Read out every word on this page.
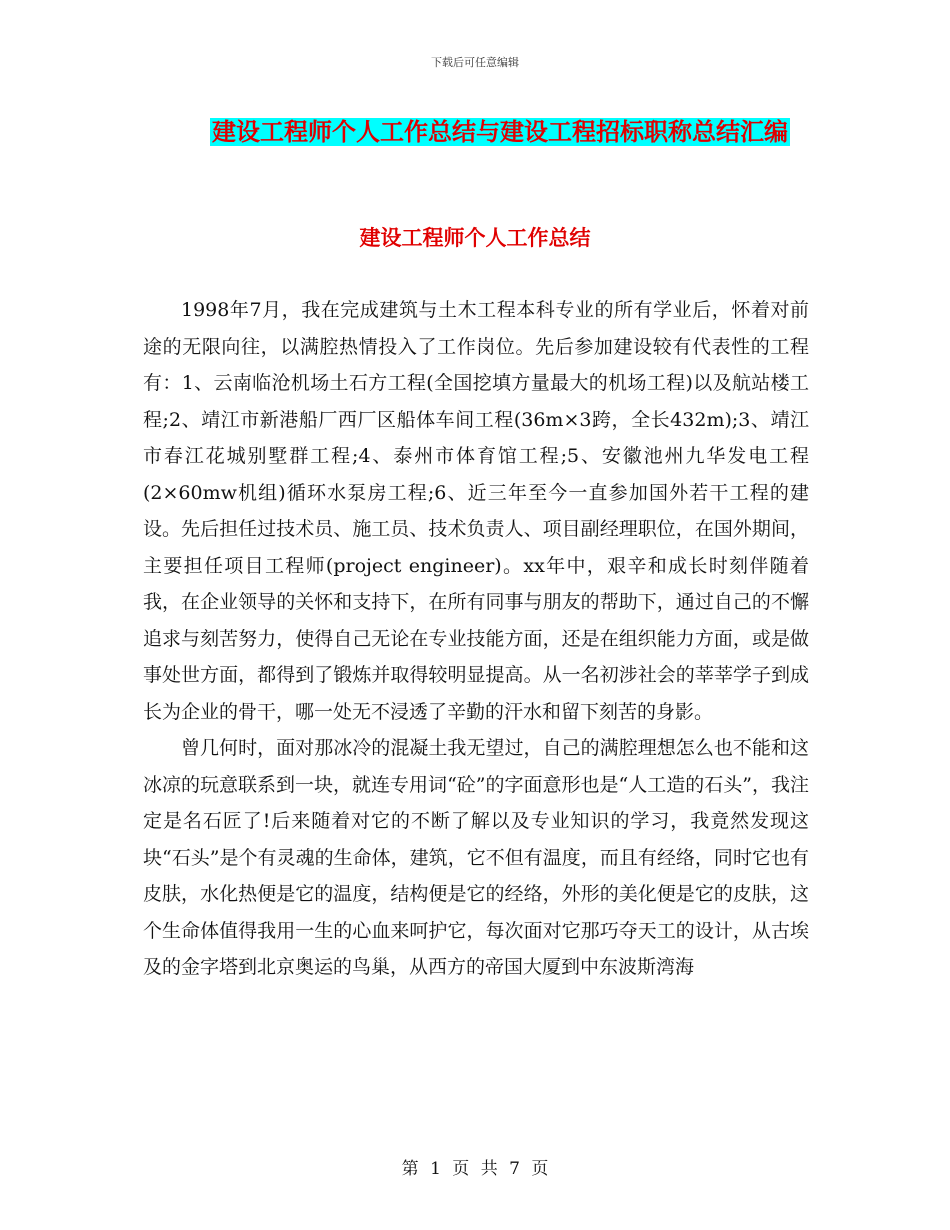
下载后可任意编辑
建设工程师个人工作总结与建设工程招标职称总结汇编
建设工程师个人工作总结

1998年7月，我在完成建筑与土木工程本科专业的所有学业后，怀着对前途的无限向往，以满腔热情投入了工作岗位。先后参加建设较有代表性的工程有：1、云南临沧机场土石方工程(全国挖填方量最大的机场工程)以及航站楼工程;2、靖江市新港船厂西厂区船体车间工程(36m×3跨，全长432m);3、靖江市春江花城别墅群工程;4、泰州市体育馆工程;5、安徽池州九华发电工程(2×60mw机组)循环水泵房工程;6、近三年至今一直参加国外若干工程的建设。先后担任过技术员、施工员、技术负责人、项目副经理职位，在国外期间，主要担任项目工程师(project engineer)。xx年中，艰辛和成长时刻伴随着我，在企业领导的关怀和支持下，在所有同事与朋友的帮助下，通过自己的不懈追求与刻苦努力，使得自己无论在专业技能方面，还是在组织能力方面，或是做事处世方面，都得到了锻炼并取得较明显提高。从一名初涉社会的莘莘学子到成长为企业的骨干，哪一处无不浸透了辛勤的汗水和留下刻苦的身影。

曾几何时，面对那冰冷的混凝土我无望过，自己的满腔理想怎么也不能和这冰凉的玩意联系到一块，就连专用词“砼”的字面意形也是“人工造的石头”，我注定是名石匠了!后来随着对它的不断了解以及专业知识的学习，我竟然发现这块“石头”是个有灵魂的生命体，建筑，它不但有温度，而且有经络，同时它也有皮肤，水化热便是它的温度，结构便是它的经络，外形的美化便是它的皮肤，这个生命体值得我用一生的心血来呵护它，每次面对它那巧夺天工的设计，从古埃及的金字塔到北京奥运的鸟巢，从西方的帝国大厦到中东波斯湾海

第 1 页 共 7 页
